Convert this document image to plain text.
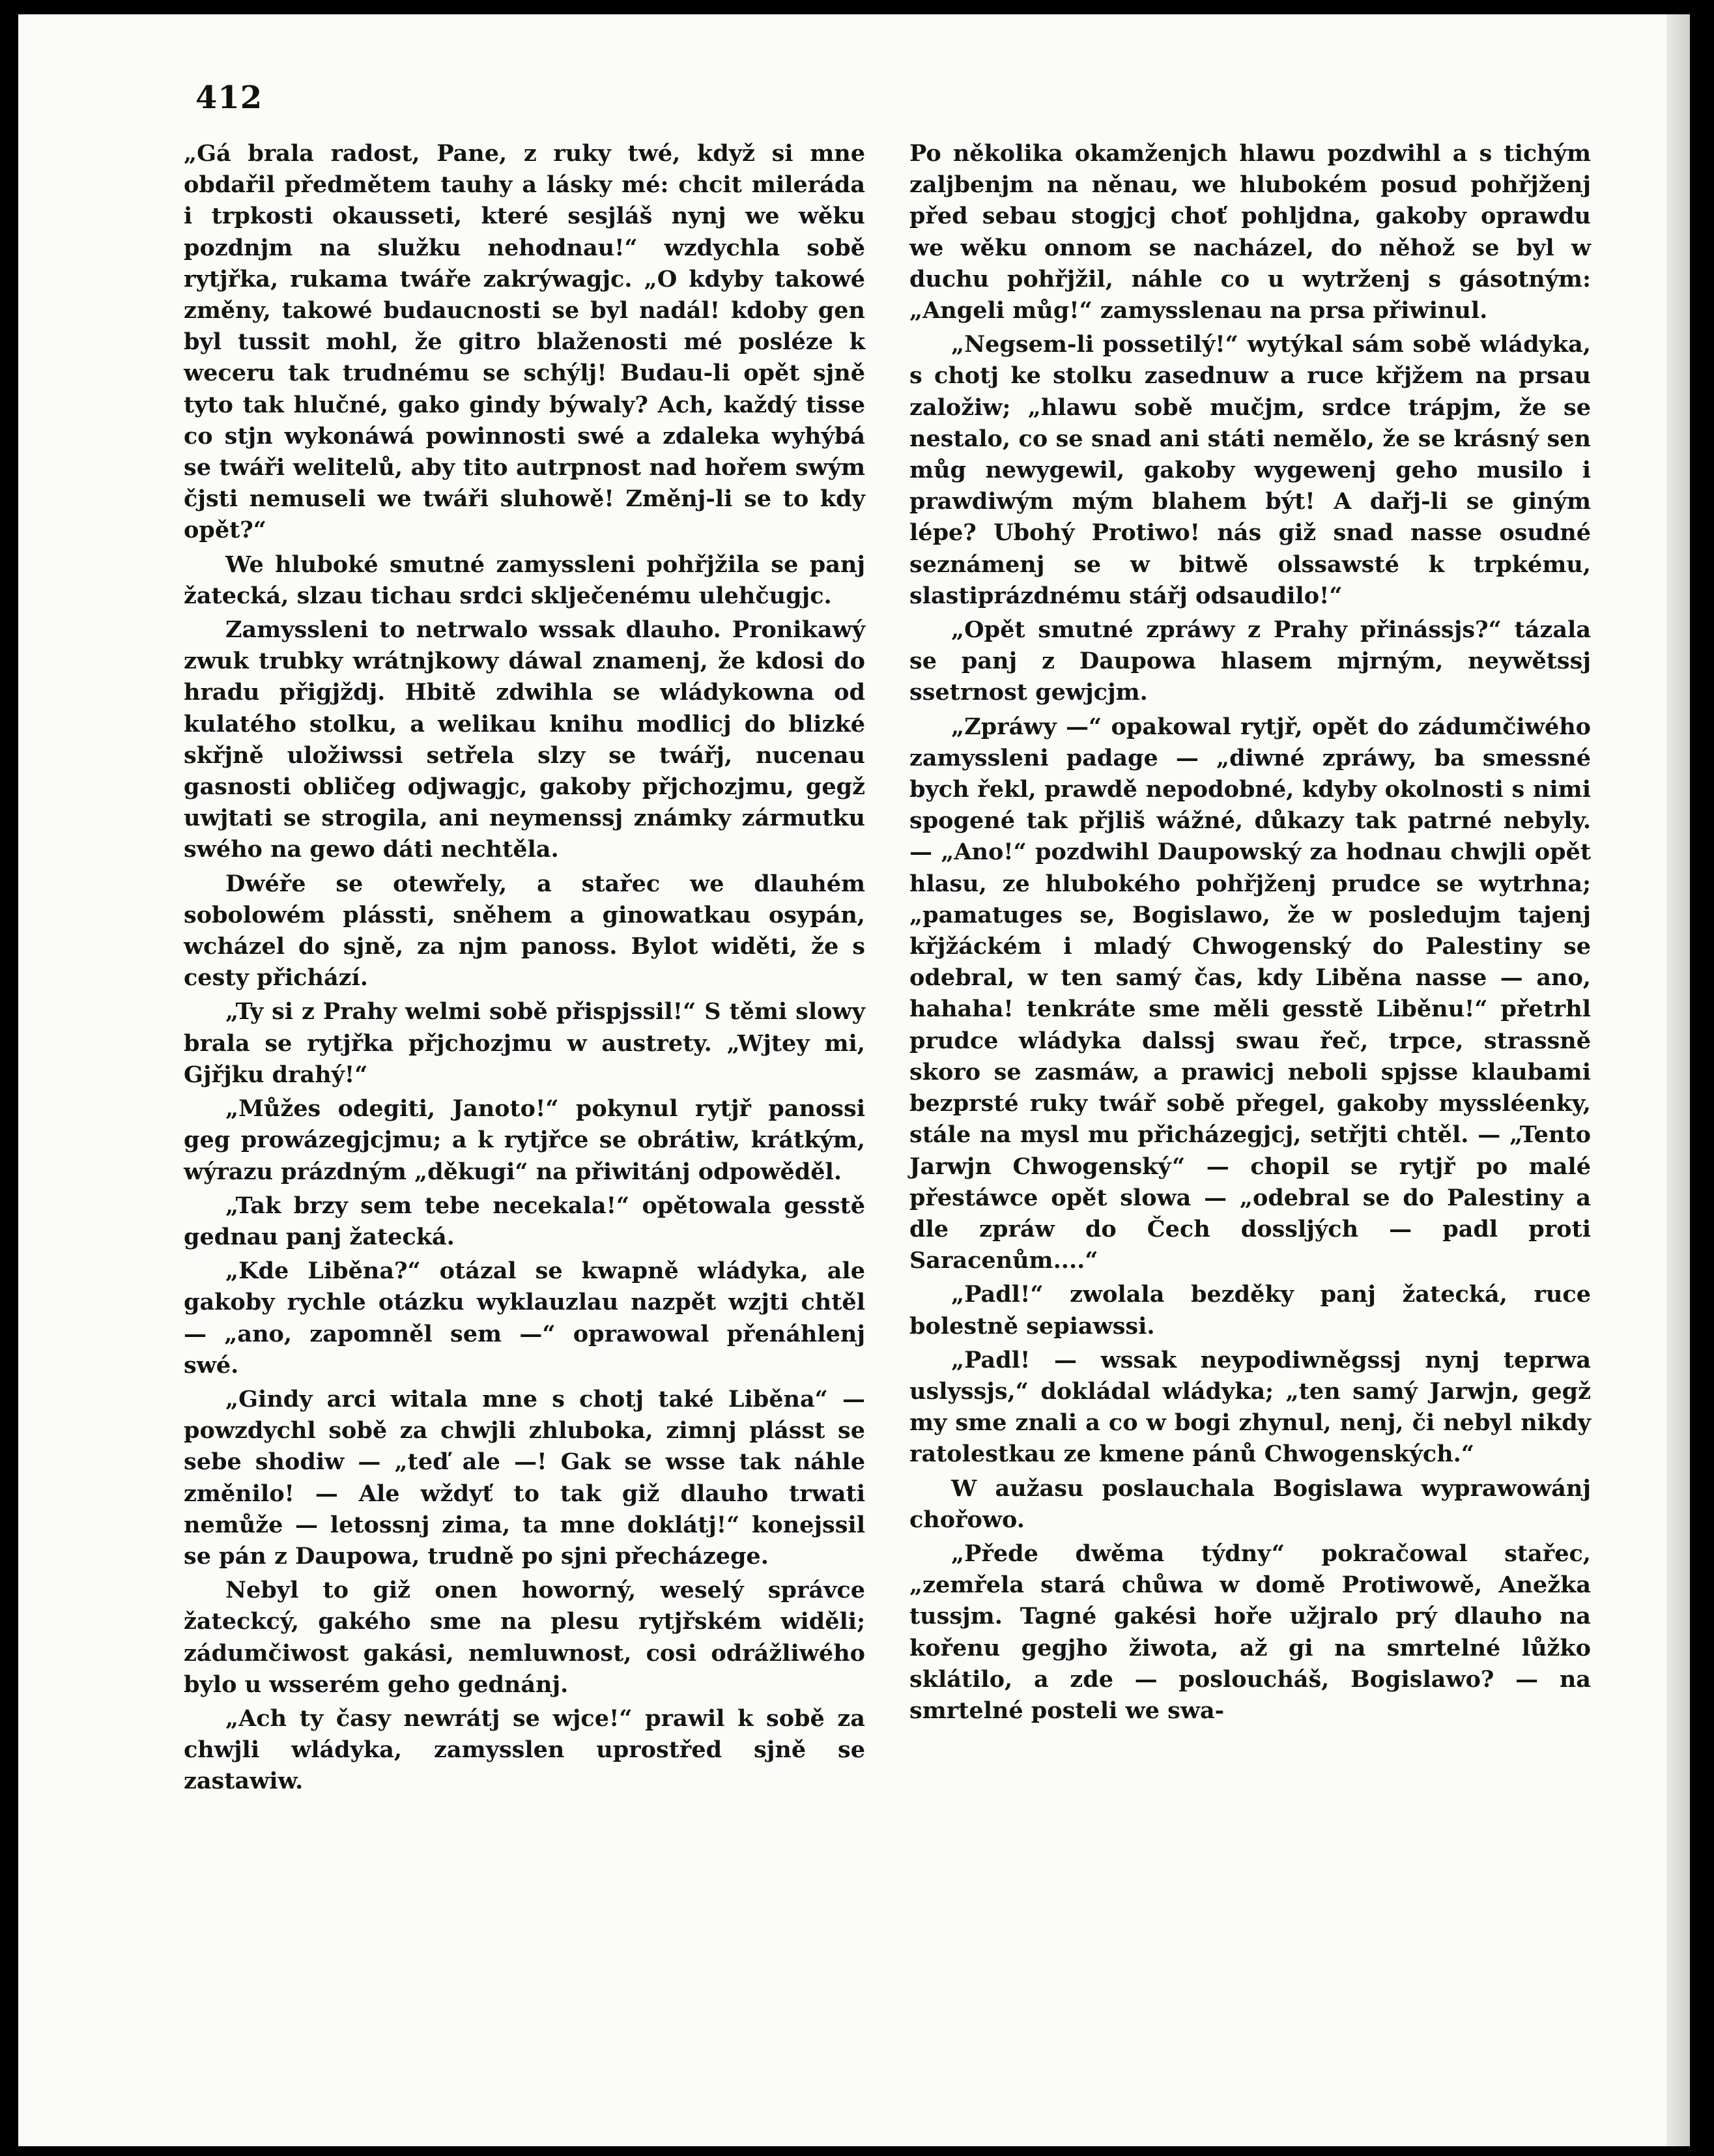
412

„Gá brala radost, Pane, z ruky twé, když si mne obdařil předmětem tauhy a lásky mé: chcit mileráda i trpkosti okausseti, které sesjláš nynj we wěku pozdnjm na služku nehodnau!“ wzdychla sobě rytjřka, rukama twáře zakrýwagjc. „O kdyby takowé změny, takowé budaucnosti se byl nadál! kdoby gen byl tussit mohl, že gitro blaženosti mé posléze k weceru tak trudnému se schýlj! Budau-li opět sjně tyto tak hlučné, gako gindy býwaly? Ach, každý tisse co stjn wykonáwá powinnosti swé a zdaleka wyhýbá se twáři welitelů, aby tito autrpnost nad hořem swým čjsti nemuseli we twáři sluhowě! Změnj-li se to kdy opět?“

We hluboké smutné zamyssleni pohřjžila se panj žatecká, slzau tichau srdci sklječenému ulehčugjc.

Zamyssleni to netrwalo wssak dlauho. Pronikawý zwuk trubky wrátnjkowy dáwal znamenj, že kdosi do hradu přigjždj. Hbitě zdwihla se wládykowna od kulatého stolku, a welikau knihu modlicj do blizké skřjně uložiwssi setřela slzy se twářj, nucenau gasnosti obličeg odjwagjc, gakoby přjchozjmu, gegž uwjtati se strogila, ani neymenssj známky zármutku swého na gewo dáti nechtěla.

Dwéře se otewřely, a stařec we dlauhém sobolowém plássti, sněhem a ginowatkau osypán, wcházel do sjně, za njm panoss. Bylot widěti, že s cesty přichází.

„Ty si z Prahy welmi sobě přispjssil!“ S těmi slowy brala se rytjřka přjchozjmu w austrety. „Wjtey mi, Gjřjku drahý!“

„Můžes odegiti, Janoto!“ pokynul rytjř panossi geg prowázegjcjmu; a k rytjřce se obrátiw, krátkým, wýrazu prázdným „děkugi“ na přiwitánj odpowěděl.

„Tak brzy sem tebe necekala!“ opětowala gesstě gednau panj žatecká.

„Kde Liběna?“ otázal se kwapně wládyka, ale gakoby rychle otázku wyklauzlau nazpět wzjti chtěl — „ano, zapomněl sem —“ oprawowal přenáhlenj swé.

„Gindy arci witala mne s chotj také Liběna“ — powzdychl sobě za chwjli zhluboka, zimnj plásst se sebe shodiw — „teď ale —! Gak se wsse tak náhle změnilo! — Ale wždyť to tak giž dlauho trwati nemůže — letossnj zima, ta mne doklátj!“ konejssil se pán z Daupowa, trudně po sjni přecházege.

Nebyl to giž onen howorný, weselý správce žateckcý, gakého sme na plesu rytjřském widěli; zádumčiwost gakási, nemluwnost, cosi odrážliwého bylo u wsserém geho gednánj.

„Ach ty časy newrátj se wjce!“ prawil k sobě za chwjli wládyka, zamysslen uprostřed sjně se zastawiw.

Po několika okamženjch hlawu pozdwihl a s tichým zaljbenjm na něnau, we hlubokém posud pohřjženj před sebau stogjcj choť pohljdna, gakoby oprawdu we wěku onnom se nacházel, do něhož se byl w duchu pohřjžil, náhle co u wytrženj s gásotným: „Angeli můg!“ zamysslenau na prsa přiwinul.

„Negsem-li possetilý!“ wytýkal sám sobě wládyka, s chotj ke stolku zasednuw a ruce křjžem na prsau založiw; „hlawu sobě mučjm, srdce trápjm, že se nestalo, co se snad ani státi nemělo, že se krásný sen můg newygewil, gakoby wygewenj geho musilo i prawdiwým mým blahem být! A dařj-li se giným lépe? Ubohý Protiwo! nás giž snad nasse osudné seznámenj se w bitwě olssawsté k trpkému, slastiprázdnému stářj odsaudilo!“

„Opět smutné zpráwy z Prahy přinássjs?“ tázala se panj z Daupowa hlasem mjrným, neywětssj ssetrnost gewjcjm.

„Zpráwy —“ opakowal rytjř, opět do zádumčiwého zamyssleni padage — „diwné zpráwy, ba smessné bych řekl, prawdě nepodobné, kdyby okolnosti s nimi spogené tak přjliš wážné, důkazy tak patrné nebyly. — „Ano!“ pozdwihl Daupowský za hodnau chwjli opět hlasu, ze hlubokého pohřjženj prudce se wytrhna; „pamatuges se, Bogislawo, že w posledujm tajenj křjžáckém i mladý Chwogenský do Palestiny se odebral, w ten samý čas, kdy Liběna nasse — ano, hahaha! tenkráte sme měli gesstě Liběnu!“ přetrhl prudce wládyka dalssj swau řeč, trpce, strassně skoro se zasmáw, a prawicj neboli spjsse klaubami bezprsté ruky twář sobě přegel, gakoby myssléenky, stále na mysl mu přicházegjcj, setřjti chtěl. — „Tento Jarwjn Chwogenský“ — chopil se rytjř po malé přestáwce opět slowa — „odebral se do Palestiny a dle zpráw do Čech dossljých — padl proti Saracenům....“

„Padl!“ zwolala bezděky panj žatecká, ruce bolestně sepiawssi.

„Padl! — wssak neypodiwněgssj nynj teprwa uslyssjs,“ dokládal wládyka; „ten samý Jarwjn, gegž my sme znali a co w bogi zhynul, nenj, či nebyl nikdy ratolestkau ze kmene pánů Chwogenských.“

W aužasu poslauchala Bogislawa wyprawowánj chořowo.

„Přede dwěma týdny“ pokračowal stařec, „zemřela stará chůwa w domě Protiwowě, Anežka tussjm. Tagné gakési hoře užjralo prý dlauho na kořenu gegjho žiwota, až gi na smrtelné lůžko sklátilo, a zde — posloucháš, Bogislawo? — na smrtelné posteli we swa-
